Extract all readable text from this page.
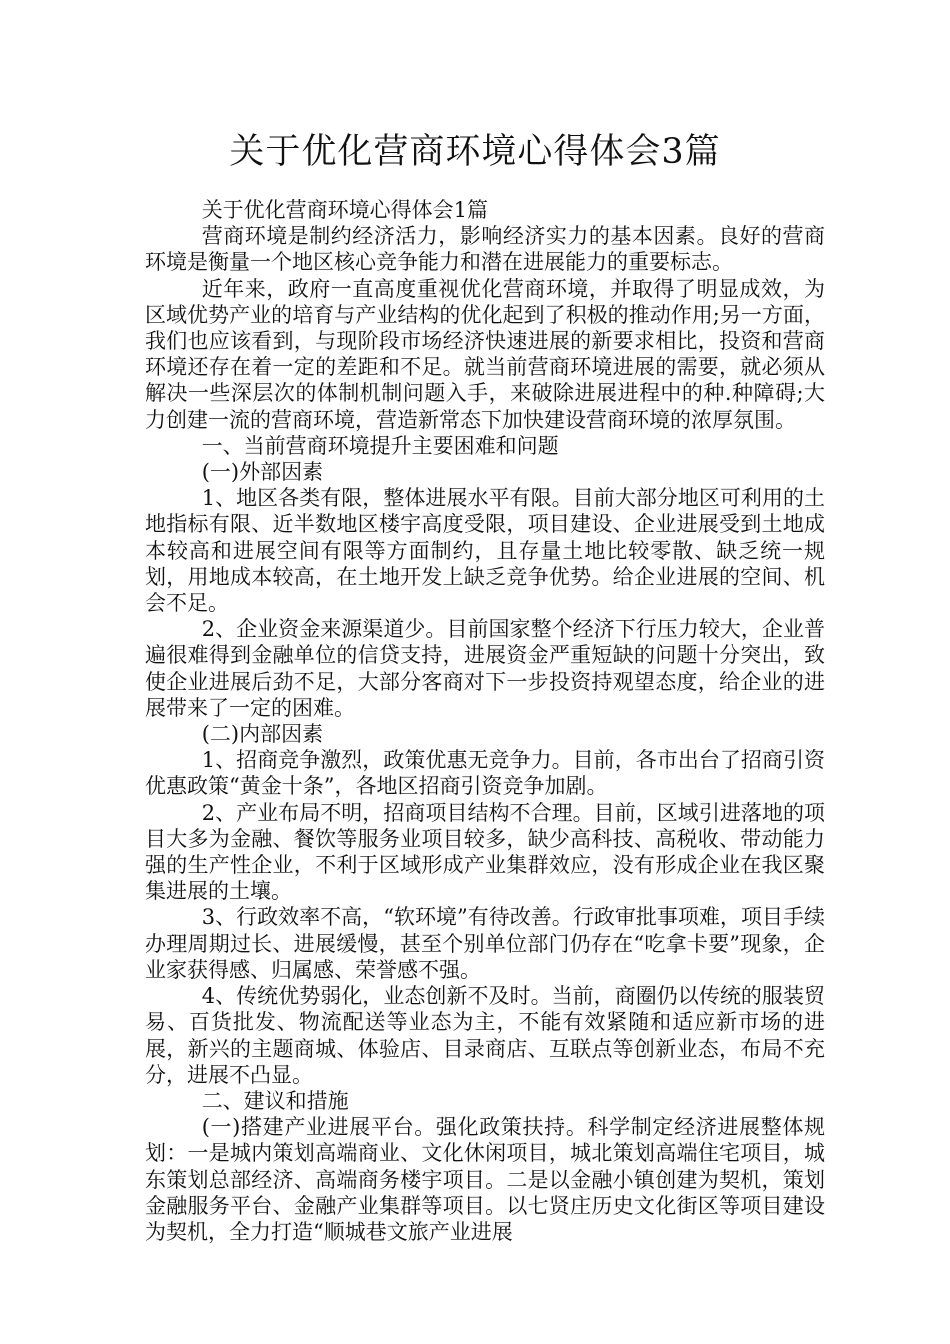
关于优化营商环境心得体会3篇

关于优化营商环境心得体会1篇

营商环境是制约经济活力，影响经济实力的基本因素。良好的营商环境是衡量一个地区核心竞争能力和潜在进展能力的重要标志。

近年来，政府一直高度重视优化营商环境，并取得了明显成效，为区域优势产业的培育与产业结构的优化起到了积极的推动作用;另一方面，我们也应该看到，与现阶段市场经济快速进展的新要求相比，投资和营商环境还存在着一定的差距和不足。就当前营商环境进展的需要，就必须从解决一些深层次的体制机制问题入手，来破除进展进程中的种.种障碍;大力创建一流的营商环境，营造新常态下加快建设营商环境的浓厚氛围。

一、当前营商环境提升主要困难和问题

(一)外部因素

1、地区各类有限，整体进展水平有限。目前大部分地区可利用的土地指标有限、近半数地区楼宇高度受限，项目建设、企业进展受到土地成本较高和进展空间有限等方面制约，且存量土地比较零散、缺乏统一规划，用地成本较高，在土地开发上缺乏竞争优势。给企业进展的空间、机会不足。

2、企业资金来源渠道少。目前国家整个经济下行压力较大，企业普遍很难得到金融单位的信贷支持，进展资金严重短缺的问题十分突出，致使企业进展后劲不足，大部分客商对下一步投资持观望态度，给企业的进展带来了一定的困难。

(二)内部因素

1、招商竞争激烈，政策优惠无竞争力。目前，各市出台了招商引资优惠政策“黄金十条”，各地区招商引资竞争加剧。

2、产业布局不明，招商项目结构不合理。目前，区域引进落地的项目大多为金融、餐饮等服务业项目较多，缺少高科技、高税收、带动能力强的生产性企业，不利于区域形成产业集群效应，没有形成企业在我区聚集进展的土壤。

3、行政效率不高，“软环境”有待改善。行政审批事项难，项目手续办理周期过长、进展缓慢，甚至个别单位部门仍存在“吃拿卡要”现象，企业家获得感、归属感、荣誉感不强。

4、传统优势弱化，业态创新不及时。当前，商圈仍以传统的服装贸易、百货批发、物流配送等业态为主，不能有效紧随和适应新市场的进展，新兴的主题商城、体验店、目录商店、互联点等创新业态，布局不充分，进展不凸显。

二、建议和措施

(一)搭建产业进展平台。强化政策扶持。科学制定经济进展整体规划：一是城内策划高端商业、文化休闲项目，城北策划高端住宅项目，城东策划总部经济、高端商务楼宇项目。二是以金融小镇创建为契机，策划金融服务平台、金融产业集群等项目。以七贤庄历史文化街区等项目建设为契机，全力打造“顺城巷文旅产业进展
